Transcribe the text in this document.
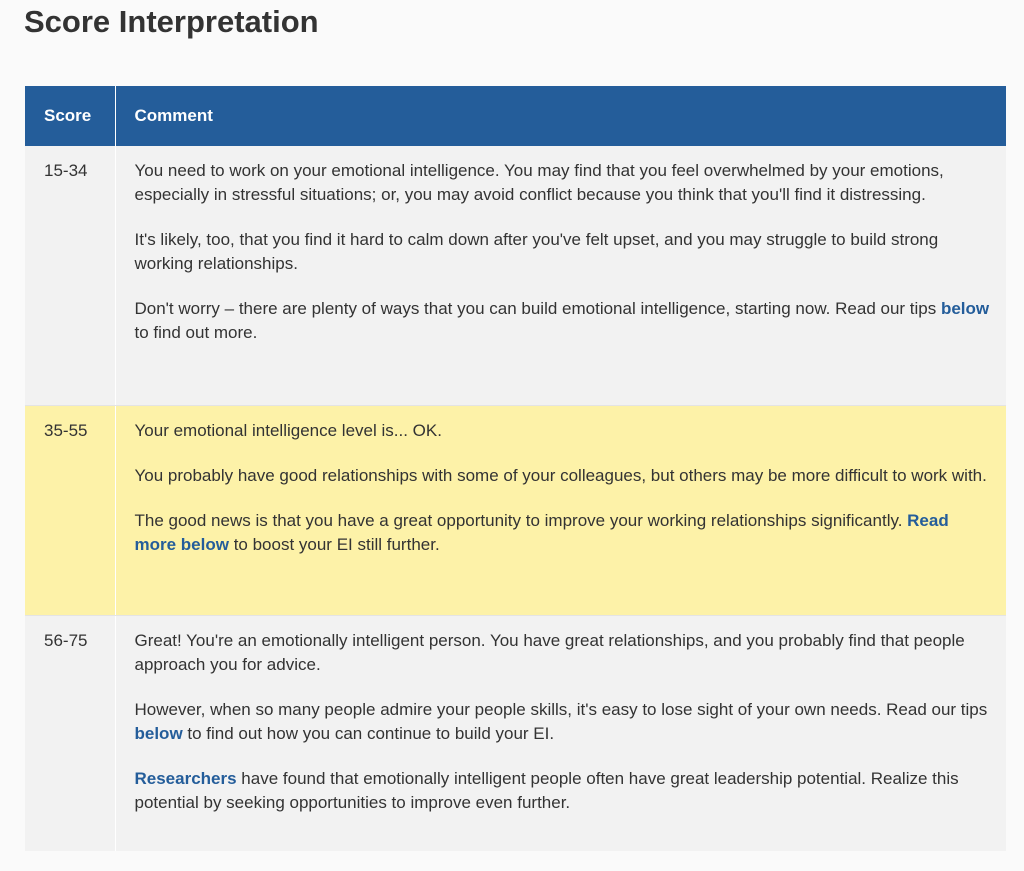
Score Interpretation
Score	Comment
15-34	You need to work on your emotional intelligence. You may find that you feel overwhelmed by your emotions, especially in stressful situations; or, you may avoid conflict because you think that you'll find it distressing.

It's likely, too, that you find it hard to calm down after you've felt upset, and you may struggle to build strong working relationships.

Don't worry – there are plenty of ways that you can build emotional intelligence, starting now. Read our tips below to find out more.

35-55	Your emotional intelligence level is... OK.

You probably have good relationships with some of your colleagues, but others may be more difficult to work with.

The good news is that you have a great opportunity to improve your working relationships significantly. Read more below to boost your EI still further.

56-75	Great! You're an emotionally intelligent person. You have great relationships, and you probably find that people approach you for advice.

However, when so many people admire your people skills, it's easy to lose sight of your own needs. Read our tips below to find out how you can continue to build your EI.

Researchers have found that emotionally intelligent people often have great leadership potential. Realize this potential by seeking opportunities to improve even further.
